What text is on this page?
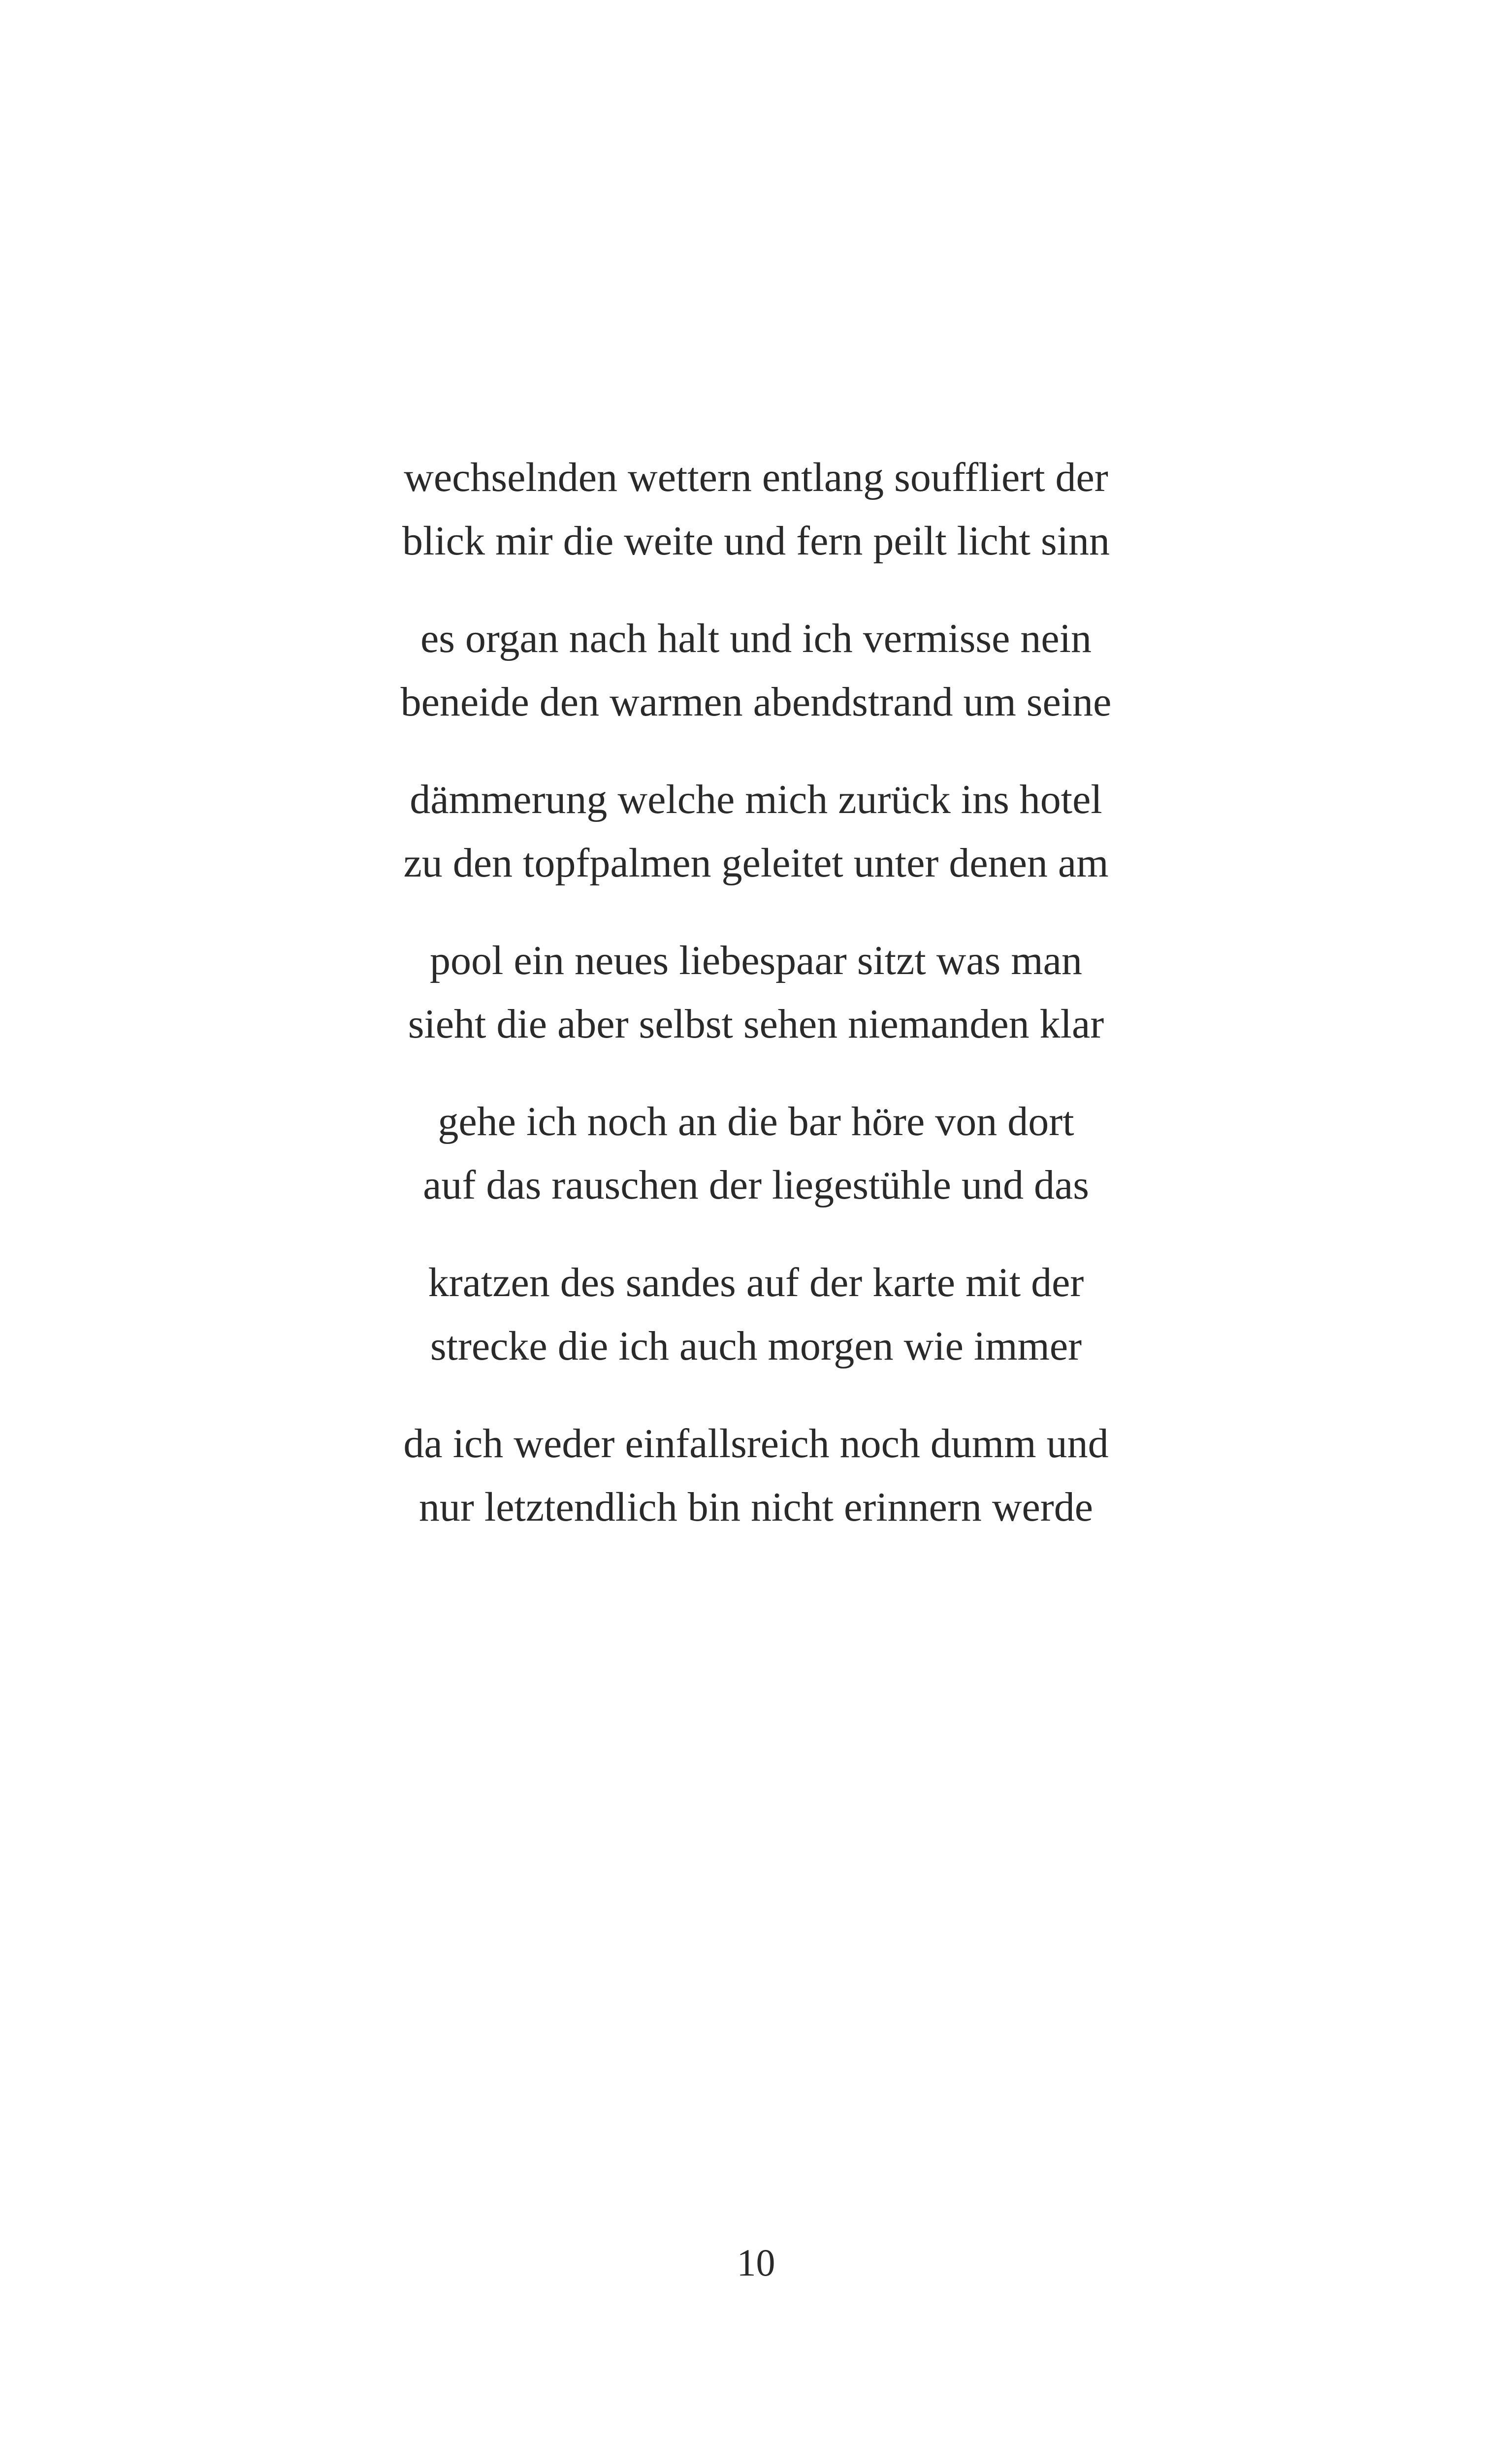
wechselnden wettern entlang souffliert der
blick mir die weite und fern peilt licht sinn
es organ nach halt und ich vermisse nein
beneide den warmen abendstrand um seine
dämmerung welche mich zurück ins hotel
zu den topfpalmen geleitet unter denen am
pool ein neues liebespaar sitzt was man
sieht die aber selbst sehen niemanden klar
gehe ich noch an die bar höre von dort
auf das rauschen der liegestühle und das
kratzen des sandes auf der karte mit der
strecke die ich auch morgen wie immer
da ich weder einfallsreich noch dumm und
nur letztendlich bin nicht erinnern werde
10
